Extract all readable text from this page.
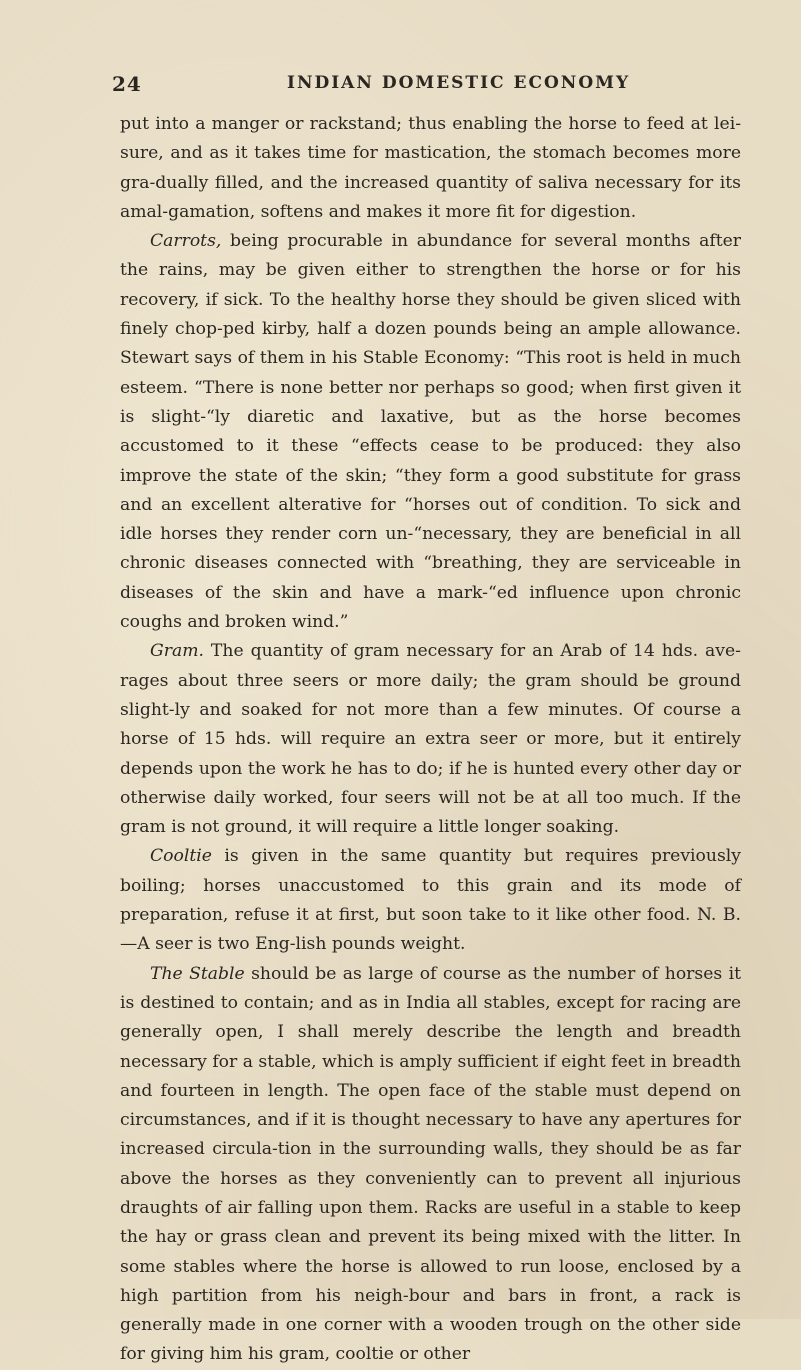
24	INDIAN DOMESTIC ECONOMY

put into a manger or rackstand; thus enabling the horse to feed at lei-sure, and as it takes time for mastication, the stomach becomes more gra-dually filled, and the increased quantity of saliva necessary for its amal-gamation, softens and makes it more fit for digestion.

Carrots, being procurable in abundance for several months after the rains, may be given either to strengthen the horse or for his recovery, if sick. To the healthy horse they should be given sliced with finely chop-ped kirby, half a dozen pounds being an ample allowance. Stewart says of them in his Stable Economy: “This root is held in much esteem. “There is none better nor perhaps so good; when first given it is slight-“ly diaretic and laxative, but as the horse becomes accustomed to it these “effects cease to be produced: they also improve the state of the skin; “they form a good substitute for grass and an excellent alterative for “horses out of condition. To sick and idle horses they render corn un-“necessary, they are beneficial in all chronic diseases connected with “breathing, they are serviceable in diseases of the skin and have a mark-“ed influence upon chronic coughs and broken wind.”

Gram. The quantity of gram necessary for an Arab of 14 hds. ave-rages about three seers or more daily; the gram should be ground slight-ly and soaked for not more than a few minutes. Of course a horse of 15 hds. will require an extra seer or more, but it entirely depends upon the work he has to do; if he is hunted every other day or otherwise daily worked, four seers will not be at all too much. If the gram is not ground, it will require a little longer soaking.

Cooltie is given in the same quantity but requires previously boiling; horses unaccustomed to this grain and its mode of preparation, refuse it at first, but soon take to it like other food. N. B.—A seer is two Eng-lish pounds weight.

The Stable should be as large of course as the number of horses it is destined to contain; and as in India all stables, except for racing are generally open, I shall merely describe the length and breadth necessary for a stable, which is amply sufficient if eight feet in breadth and fourteen in length. The open face of the stable must depend on circumstances, and if it is thought necessary to have any apertures for increased circula-tion in the surrounding walls, they should be as far above the horses as they conveniently can to prevent all injurious draughts of air falling upon them. Racks are useful in a stable to keep the hay or grass clean and prevent its being mixed with the litter. In some stables where the horse is allowed to run loose, enclosed by a high partition from his neigh-bour and bars in front, a rack is generally made in one corner with a wooden trough on the other side for giving him his gram, cooltie or other
